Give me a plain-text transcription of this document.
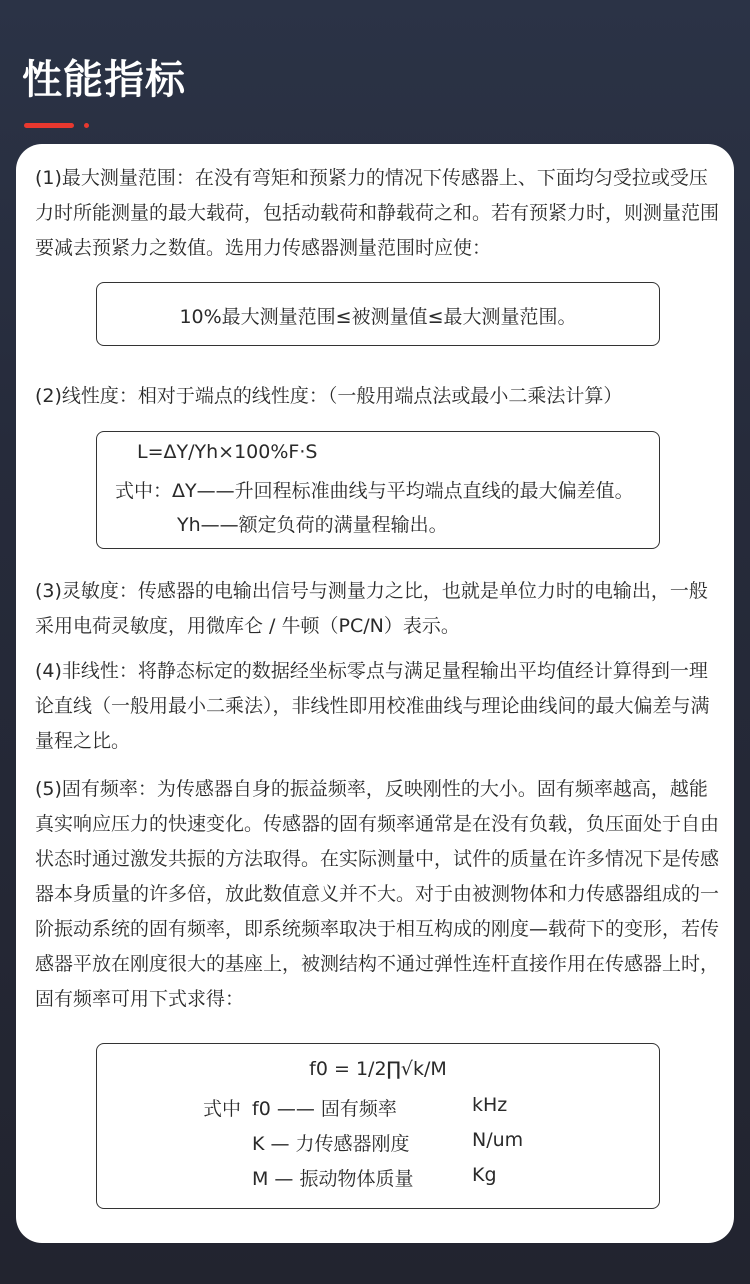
性能指标

(1)最大测量范围：在没有弯矩和预紧力的情况下传感器上、下面均匀受拉或受压力时所能测量的最大载荷，包括动载荷和静载荷之和。若有预紧力时，则测量范围要减去预紧力之数值。选用力传感器测量范围时应使：

10%最大测量范围≤被测量值≤最大测量范围。

(2)线性度：相对于端点的线性度：（一般用端点法或最小二乘法计算）

L=ΔY/Yh×100%F·S
式中：ΔY——升回程标准曲线与平均端点直线的最大偏差值。
Yh——额定负荷的满量程输出。

(3)灵敏度：传感器的电输出信号与测量力之比，也就是单位力时的电输出，一般采用电荷灵敏度，用微库仑 / 牛顿（PC/N）表示。

(4)非线性：将静态标定的数据经坐标零点与满足量程输出平均值经计算得到一理论直线（一般用最小二乘法），非线性即用校准曲线与理论曲线间的最大偏差与满量程之比。

(5)固有频率：为传感器自身的振益频率，反映刚性的大小。固有频率越高，越能真实响应压力的快速变化。传感器的固有频率通常是在没有负载，负压面处于自由状态时通过激发共振的方法取得。在实际测量中，试件的质量在许多情况下是传感器本身质量的许多倍，放此数值意义并不大。对于由被测物体和力传感器组成的一阶振动系统的固有频率，即系统频率取决于相互构成的刚度—载荷下的变形，若传感器平放在刚度很大的基座上，被测结构不通过弹性连杆直接作用在传感器上时，固有频率可用下式求得：

f0 = 1/2∏√k/M
式中 f0 —— 固有频率	kHz
K — 力传感器刚度	N/um
M — 振动物体质量	Kg
